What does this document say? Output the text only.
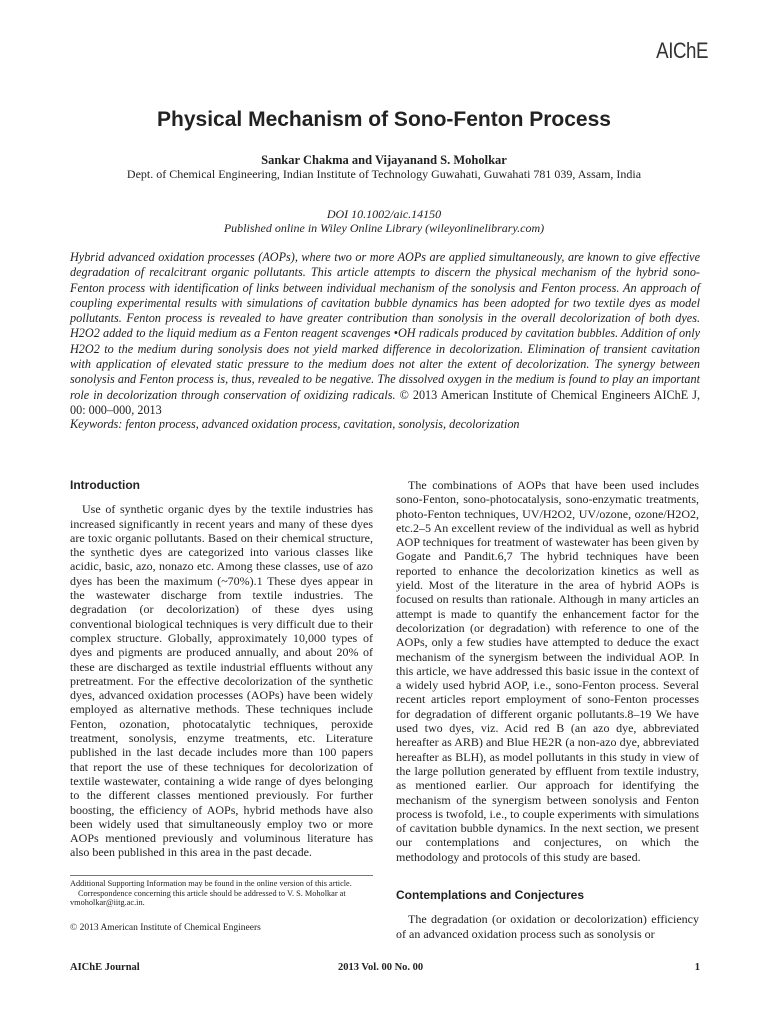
AIChE
Physical Mechanism of Sono-Fenton Process
Sankar Chakma and Vijayanand S. Moholkar
Dept. of Chemical Engineering, Indian Institute of Technology Guwahati, Guwahati 781 039, Assam, India
DOI 10.1002/aic.14150
Published online in Wiley Online Library (wileyonlinelibrary.com)
Hybrid advanced oxidation processes (AOPs), where two or more AOPs are applied simultaneously, are known to give effective degradation of recalcitrant organic pollutants. This article attempts to discern the physical mechanism of the hybrid sono-Fenton process with identification of links between individual mechanism of the sonolysis and Fenton process. An approach of coupling experimental results with simulations of cavitation bubble dynamics has been adopted for two textile dyes as model pollutants. Fenton process is revealed to have greater contribution than sonolysis in the overall decolorization of both dyes. H2O2 added to the liquid medium as a Fenton reagent scavenges •OH radicals produced by cavitation bubbles. Addition of only H2O2 to the medium during sonolysis does not yield marked difference in decolorization. Elimination of transient cavitation with application of elevated static pressure to the medium does not alter the extent of decolorization. The synergy between sonolysis and Fenton process is, thus, revealed to be negative. The dissolved oxygen in the medium is found to play an important role in decolorization through conservation of oxidizing radicals. © 2013 American Institute of Chemical Engineers AIChE J, 00: 000–000, 2013
Keywords: fenton process, advanced oxidation process, cavitation, sonolysis, decolorization
Introduction

Use of synthetic organic dyes by the textile industries has increased significantly in recent years and many of these dyes are toxic organic pollutants. Based on their chemical structure, the synthetic dyes are categorized into various classes like acidic, basic, azo, nonazo etc. Among these classes, use of azo dyes has been the maximum (~70%).1 These dyes appear in the wastewater discharge from textile industries. The degradation (or decolorization) of these dyes using conventional biological techniques is very difficult due to their complex structure. Globally, approximately 10,000 types of dyes and pigments are produced annually, and about 20% of these are discharged as textile industrial effluents without any pretreatment. For the effective decolorization of the synthetic dyes, advanced oxidation processes (AOPs) have been widely employed as alternative methods. These techniques include Fenton, ozonation, photocatalytic techniques, peroxide treatment, sonolysis, enzyme treatments, etc. Literature published in the last decade includes more than 100 papers that report the use of these techniques for decolorization of textile wastewater, containing a wide range of dyes belonging to the different classes mentioned previously. For further boosting, the efficiency of AOPs, hybrid methods have also been widely used that simultaneously employ two or more AOPs mentioned previously and voluminous literature has also been published in this area in the past decade.

The combinations of AOPs that have been used includes sono-Fenton, sono-photocatalysis, sono-enzymatic treatments, photo-Fenton techniques, UV/H2O2, UV/ozone, ozone/H2O2, etc.2–5 An excellent review of the individual as well as hybrid AOP techniques for treatment of wastewater has been given by Gogate and Pandit.6,7 The hybrid techniques have been reported to enhance the decolorization kinetics as well as yield. Most of the literature in the area of hybrid AOPs is focused on results than rationale. Although in many articles an attempt is made to quantify the enhancement factor for the decolorization (or degradation) with reference to one of the AOPs, only a few studies have attempted to deduce the exact mechanism of the synergism between the individual AOP. In this article, we have addressed this basic issue in the context of a widely used hybrid AOP, i.e., sono-Fenton process. Several recent articles report employment of sono-Fenton processes for degradation of different organic pollutants.8–19 We have used two dyes, viz. Acid red B (an azo dye, abbreviated hereafter as ARB) and Blue HE2R (a non-azo dye, abbreviated hereafter as BLH), as model pollutants in this study in view of the large pollution generated by effluent from textile industry, as mentioned earlier. Our approach for identifying the mechanism of the synergism between sonolysis and Fenton process is twofold, i.e., to couple experiments with simulations of cavitation bubble dynamics. In the next section, we present our contemplations and conjectures, on which the methodology and protocols of this study are based.

Contemplations and Conjectures

The degradation (or oxidation or decolorization) efficiency of an advanced oxidation process such as sonolysis or

Additional Supporting Information may be found in the online version of this article.
Correspondence concerning this article should be addressed to V. S. Moholkar at vmoholkar@iitg.ac.in.
© 2013 American Institute of Chemical Engineers
AIChE Journal	2013 Vol. 00 No. 00	1
